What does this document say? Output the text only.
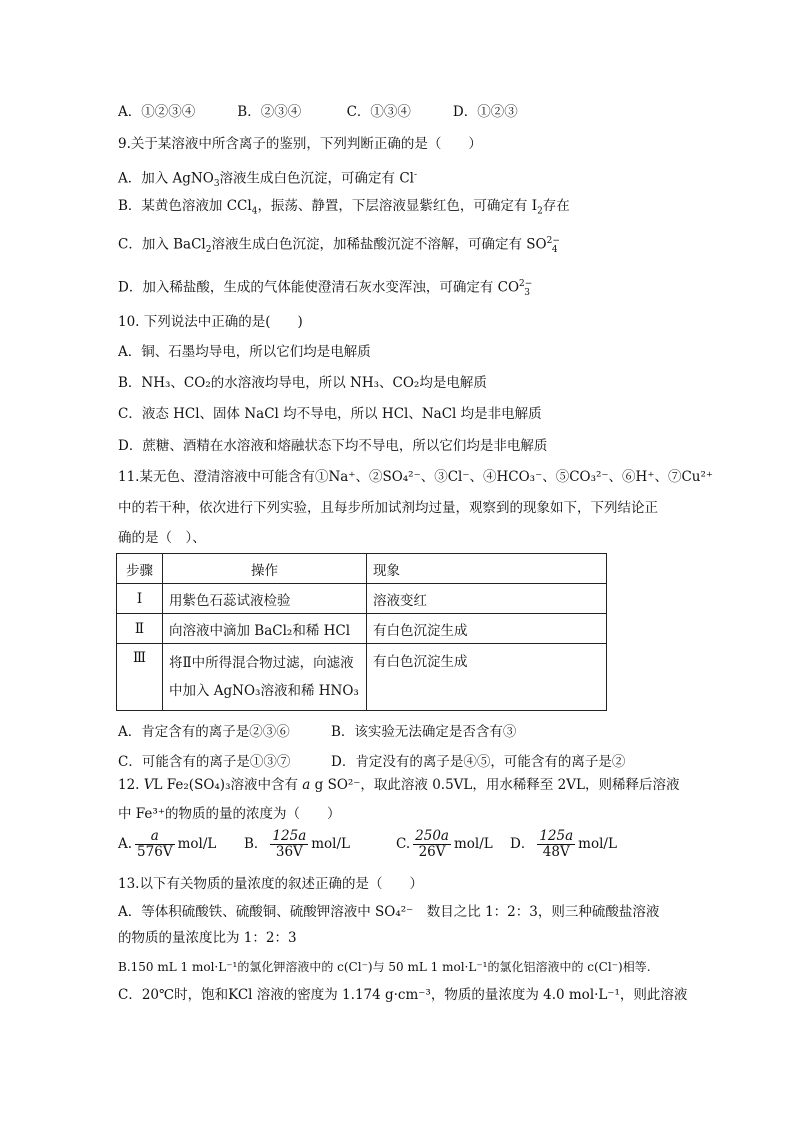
A．①②③④	B．②③④	C．①③④	D．①②③
9.关于某溶液中所含离子的鉴别，下列判断正确的是（　　）
A．加入 AgNO$_3$溶液生成白色沉淀，可确定有 Cl-
B．某黄色溶液加 CCl$_4$，振荡、静置，下层溶液显紫红色，可确定有 $I_2$存在
C．加入 BaCl$_2$溶液生成白色沉淀，加稀盐酸沉淀不溶解，可确定有 $SO^{2-}_4$
D．加入稀盐酸，生成的气体能使澄清石灰水变浑浊，可确定有 $CO^{2-}_3$
10. 下列说法中正确的是(　　)
A．铜、石墨均导电，所以它们均是电解质
B．NH₃、CO₂的水溶液均导电，所以 NH₃、CO₂均是电解质
C．液态 HCl、固体 NaCl 均不导电，所以 HCl、NaCl 均是非电解质
D．蔗糖、酒精在水溶液和熔融状态下均不导电，所以它们均是非电解质
11.某无色、澄清溶液中可能含有①Na⁺、②SO₄²⁻、③Cl⁻、④HCO₃⁻、⑤CO₃²⁻、⑥H⁺、⑦Cu²⁺
中的若干种，依次进行下列实验，且每步所加试剂均过量，观察到的现象如下，下列结论正
确的是（　）、
步骤	操作	现象
Ⅰ	用紫色石蕊试液检验	溶液变红
Ⅱ	向溶液中滴加 BaCl₂和稀 HCl	有白色沉淀生成
Ⅲ	将Ⅱ中所得混合物过滤，向滤液中加入 AgNO₃溶液和稀 HNO₃	有白色沉淀生成
A．肯定含有的离子是②③⑥	B．该实验无法确定是否含有③
C．可能含有的离子是①③⑦	D．肯定没有的离子是④⑤，可能含有的离子是②
12. VL Fe₂(SO₄)₃溶液中含有 a g SO²⁻，取此溶液 0.5VL，用水稀释至 2VL，则稀释后溶液
中 Fe³⁺的物质的量的浓度为（　　）
A. $\frac{a}{576V} mol/L$ B． $\frac{125a}{36V} mol/L$	C. $\frac{250a}{26V} mol/L$ D． $\frac{125a}{48V} mol/L$
13.以下有关物质的量浓度的叙述正确的是（　　）
A．等体积硫酸铁、硫酸铜、硫酸钾溶液中 SO₄²⁻　数目之比 1：2：3，则三种硫酸盐溶液
的物质的量浓度比为 1：2：3
B.150 mL 1 mol·L⁻¹的氯化钾溶液中的 c(Cl⁻)与 50 mL 1 mol·L⁻¹的氯化铝溶液中的 c(Cl⁻)相等.
C．20℃时，饱和KCl 溶液的密度为 1.174 g·cm⁻³，物质的量浓度为 4.0 mol·L⁻¹，则此溶液
